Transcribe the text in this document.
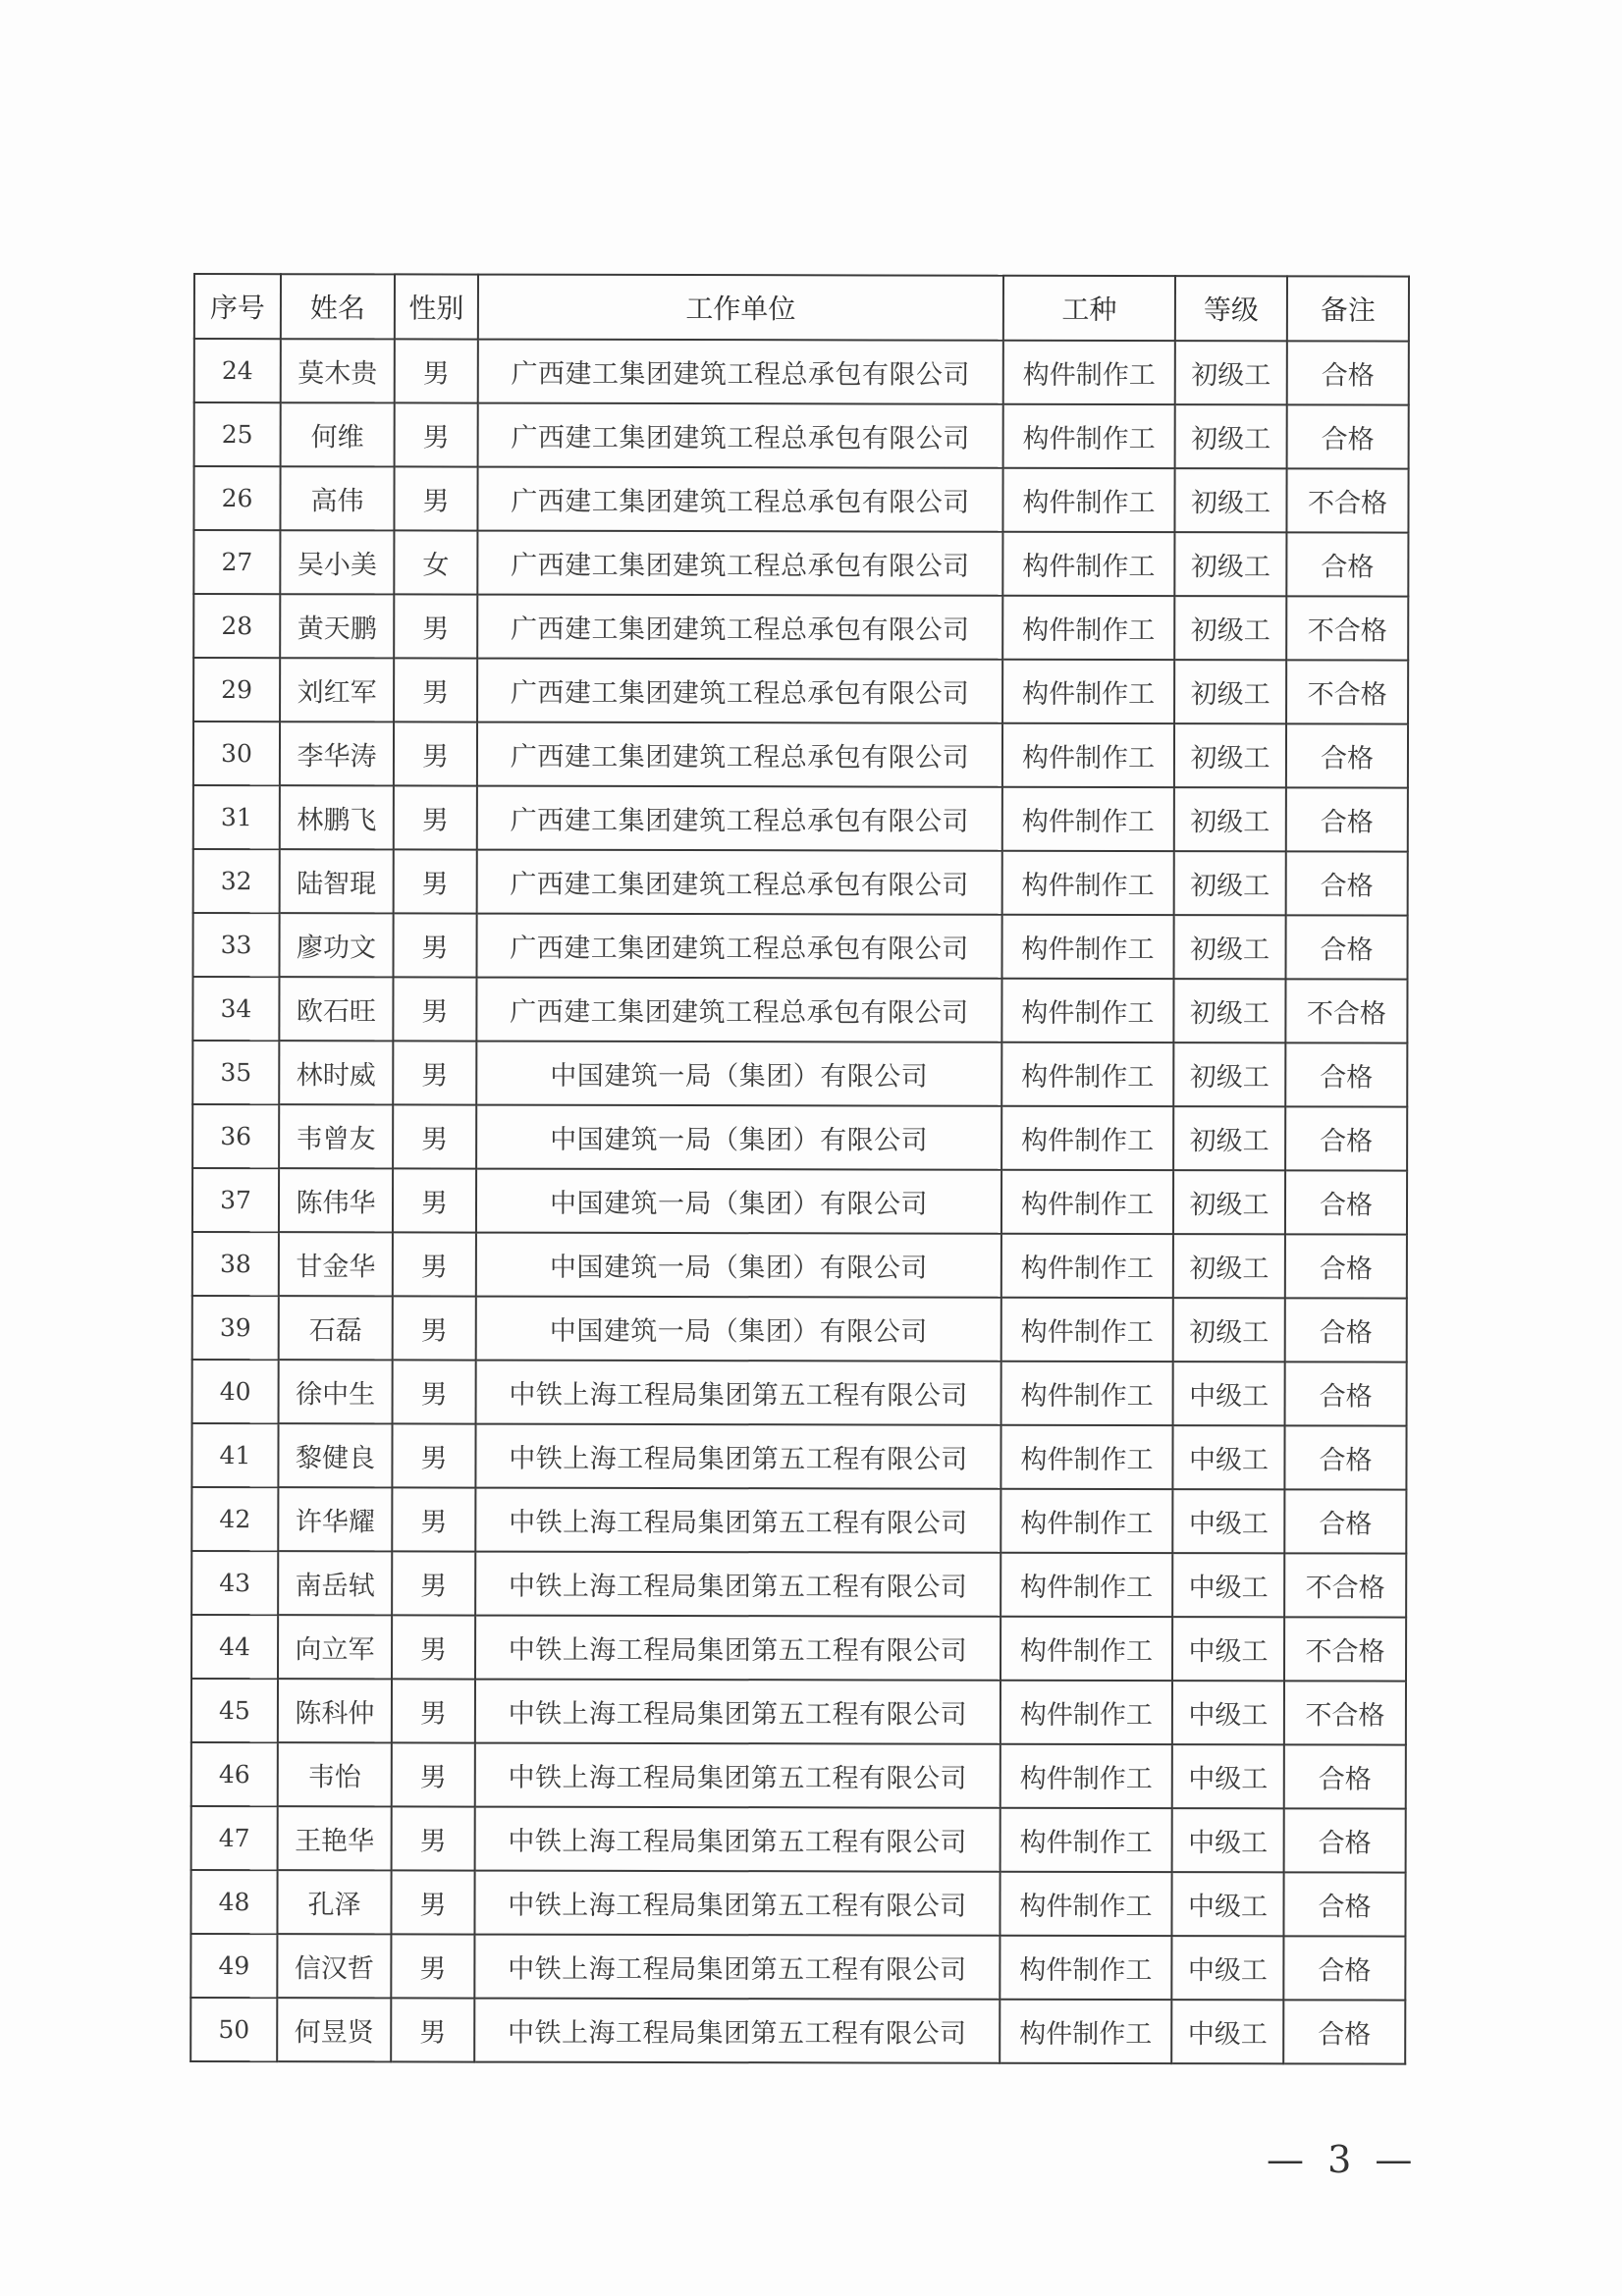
序号	姓名	性别	工作单位	工种	等级	备注
24	莫木贵	男	广西建工集团建筑工程总承包有限公司	构件制作工	初级工	合格
25	何维	男	广西建工集团建筑工程总承包有限公司	构件制作工	初级工	合格
26	高伟	男	广西建工集团建筑工程总承包有限公司	构件制作工	初级工	不合格
27	吴小美	女	广西建工集团建筑工程总承包有限公司	构件制作工	初级工	合格
28	黄天鹏	男	广西建工集团建筑工程总承包有限公司	构件制作工	初级工	不合格
29	刘红军	男	广西建工集团建筑工程总承包有限公司	构件制作工	初级工	不合格
30	李华涛	男	广西建工集团建筑工程总承包有限公司	构件制作工	初级工	合格
31	林鹏飞	男	广西建工集团建筑工程总承包有限公司	构件制作工	初级工	合格
32	陆智琨	男	广西建工集团建筑工程总承包有限公司	构件制作工	初级工	合格
33	廖功文	男	广西建工集团建筑工程总承包有限公司	构件制作工	初级工	合格
34	欧石旺	男	广西建工集团建筑工程总承包有限公司	构件制作工	初级工	不合格
35	林时威	男	中国建筑一局（集团）有限公司	构件制作工	初级工	合格
36	韦曾友	男	中国建筑一局（集团）有限公司	构件制作工	初级工	合格
37	陈伟华	男	中国建筑一局（集团）有限公司	构件制作工	初级工	合格
38	甘金华	男	中国建筑一局（集团）有限公司	构件制作工	初级工	合格
39	石磊	男	中国建筑一局（集团）有限公司	构件制作工	初级工	合格
40	徐中生	男	中铁上海工程局集团第五工程有限公司	构件制作工	中级工	合格
41	黎健良	男	中铁上海工程局集团第五工程有限公司	构件制作工	中级工	合格
42	许华耀	男	中铁上海工程局集团第五工程有限公司	构件制作工	中级工	合格
43	南岳轼	男	中铁上海工程局集团第五工程有限公司	构件制作工	中级工	不合格
44	向立军	男	中铁上海工程局集团第五工程有限公司	构件制作工	中级工	不合格
45	陈科仲	男	中铁上海工程局集团第五工程有限公司	构件制作工	中级工	不合格
46	韦怡	男	中铁上海工程局集团第五工程有限公司	构件制作工	中级工	合格
47	王艳华	男	中铁上海工程局集团第五工程有限公司	构件制作工	中级工	合格
48	孔泽	男	中铁上海工程局集团第五工程有限公司	构件制作工	中级工	合格
49	信汉哲	男	中铁上海工程局集团第五工程有限公司	构件制作工	中级工	合格
50	何昱贤	男	中铁上海工程局集团第五工程有限公司	构件制作工	中级工	合格
— 3 —
